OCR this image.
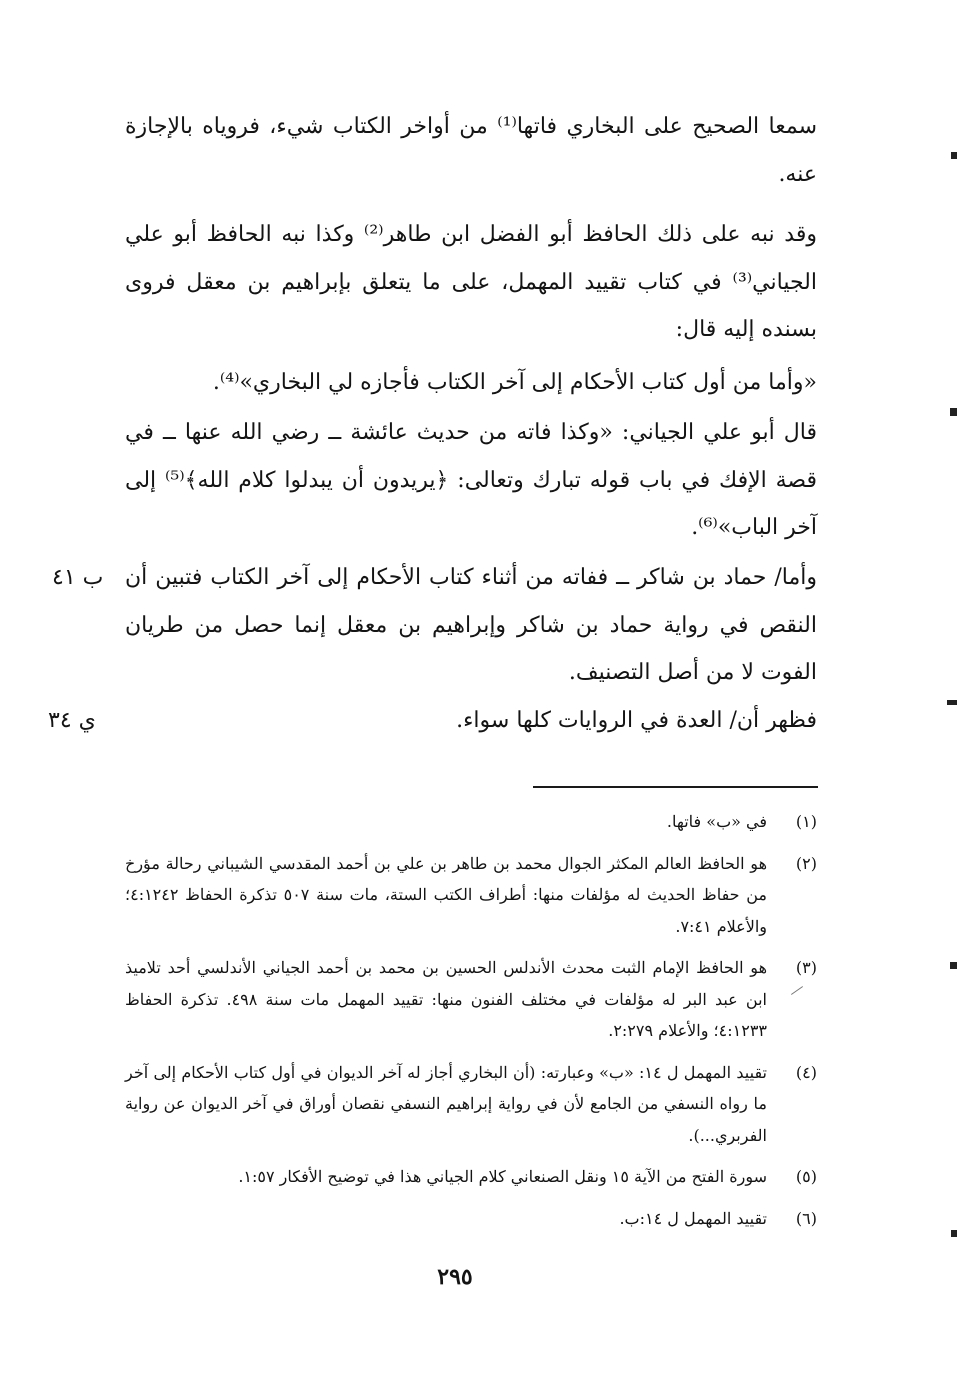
سمعا الصحيح على البخاري فاتها⁽¹⁾ من أواخر الكتاب شيء، فروياه بالإجازة عنه.

وقد نبه على ذلك الحافظ أبو الفضل ابن طاهر⁽²⁾ وكذا نبه الحافظ أبو علي الجياني⁽³⁾ في كتاب تقييد المهمل، على ما يتعلق بإبراهيم بن معقل فروى بسنده إليه قال:

«وأما من أول كتاب الأحكام إلى آخر الكتاب فأجازه لي البخاري»⁽⁴⁾.

قال أبو علي الجياني: «وكذا فاته من حديث عائشة ــ رضي الله عنها ــ في قصة الإفك في باب قوله تبارك وتعالى: ﴿يريدون أن يبدلوا كلام الله﴾⁽⁵⁾ إلى آخر الباب»⁽⁶⁾.

وأما/ حماد بن شاكر ــ ففاته من أثناء كتاب الأحكام إلى آخر الكتاب فتبين أن النقص في رواية حماد بن شاكر وإبراهيم بن معقل إنما حصل من طريان الفوت لا من أصل التصنيف.

فظهر أن/ العدة في الروايات كلها سواء.

ب ٤١
ي ٣٤
(١)
في «ب» فاتها.
(٢)
هو الحافظ العالم المكثر الجوال محمد بن طاهر بن علي بن أحمد المقدسي الشيباني رحالة مؤرخ من حفاظ الحديث له مؤلفات منها: أطراف الكتب الستة، مات سنة ٥٠٧ تذكرة الحفاظ ٤:١٢٤٢؛ والأعلام ٧:٤١.
(٣)
هو الحافظ الإمام الثبت محدث الأندلس الحسين بن محمد بن أحمد الجياني الأندلسي أحد تلاميذ ابن عبد البر له مؤلفات في مختلف الفنون منها: تقييد المهمل مات سنة ٤٩٨. تذكرة الحفاظ ٤:١٢٣٣؛ والأعلام ٢:٢٧٩.
(٤)
تقييد المهمل ل ١٤: «ب» وعبارته: (أن البخاري أجاز له آخر الديوان في أول كتاب الأحكام إلى آخر ما رواه النسفي من الجامع لأن في رواية إبراهيم النسفي نقصان أوراق في آخر الديوان عن رواية الفربري...).
(٥)
سورة الفتح من الآية ١٥ ونقل الصنعاني كلام الجياني هذا في توضيح الأفكار ١:٥٧.
(٦)
تقييد المهمل ل ١٤:ب.
٢٩٥
